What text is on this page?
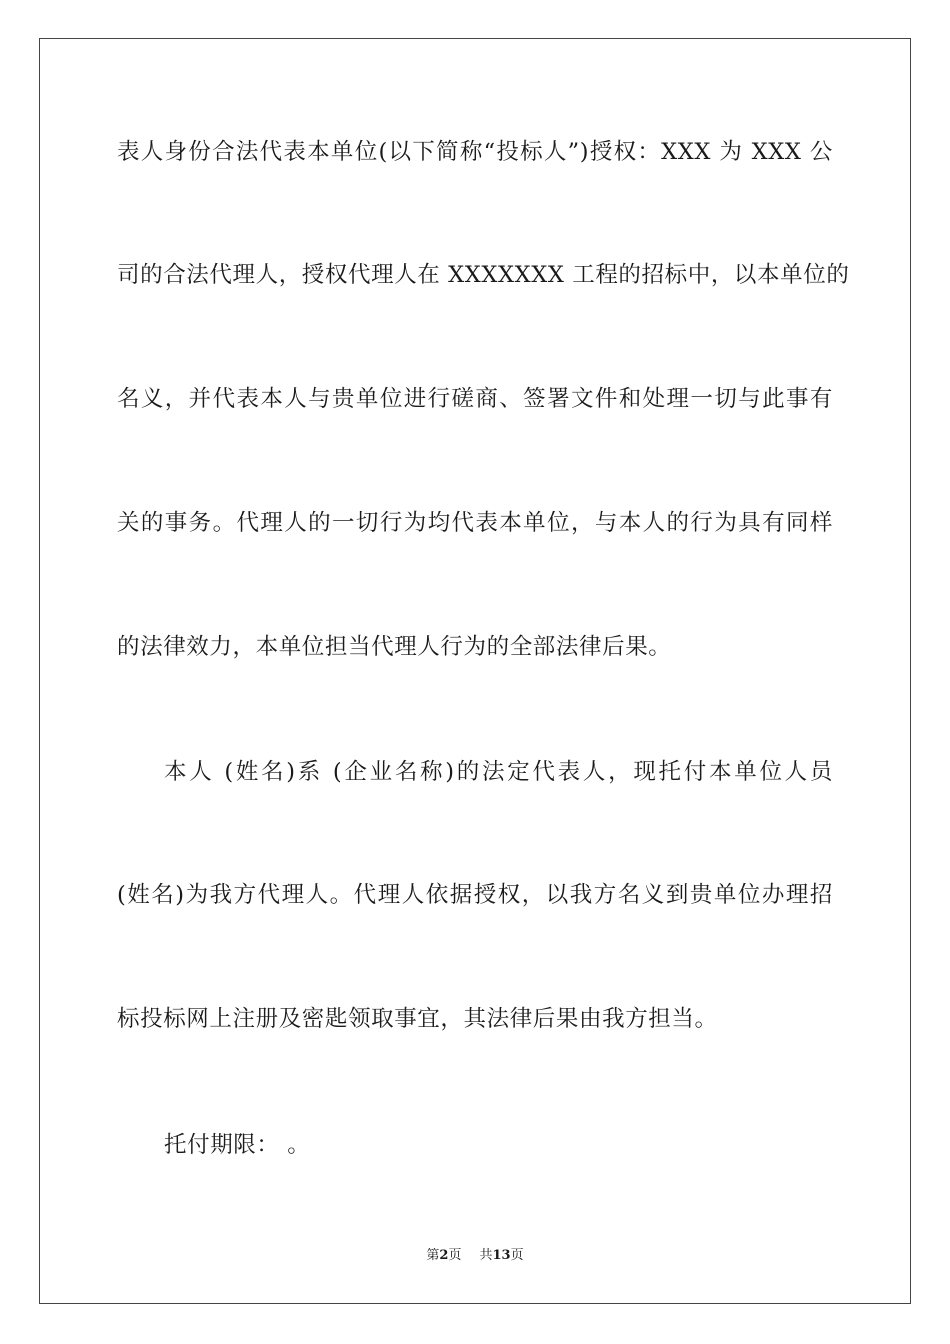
表人身份合法代表本单位(以下简称“投标人”)授权：XXX 为 XXX 公
司的合法代理人，授权代理人在 XXXXXXX 工程的招标中，以本单位的
名义，并代表本人与贵单位进行磋商、签署文件和处理一切与此事有
关的事务。代理人的一切行为均代表本单位，与本人的行为具有同样
的法律效力，本单位担当代理人行为的全部法律后果。
本人 (姓名)系 (企业名称)的法定代表人，现托付本单位人员
(姓名)为我方代理人。代理人依据授权，以我方名义到贵单位办理招
标投标网上注册及密匙领取事宜，其法律后果由我方担当。
托付期限： 。
第2页 共13页
